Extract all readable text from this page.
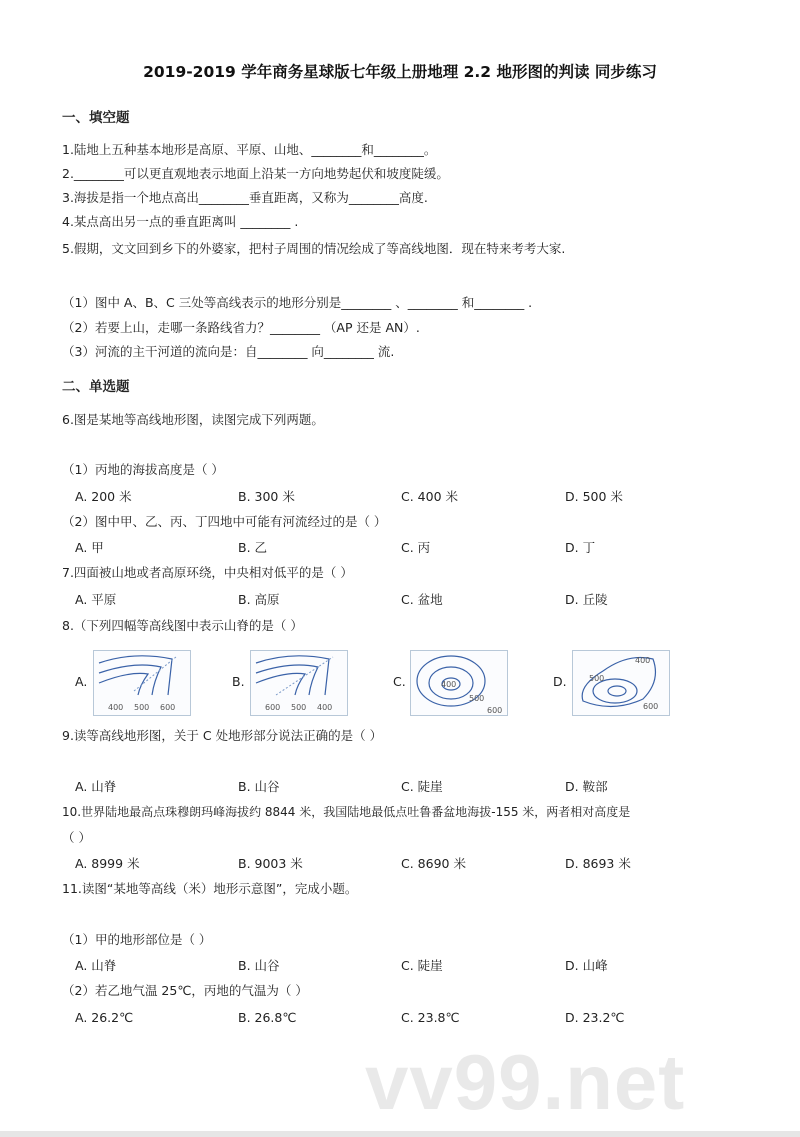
vv99.net
2019-2019 学年商务星球版七年级上册地理 2.2 地形图的判读 同步练习
一、填空题
1.陆地上五种基本地形是高原、平原、山地、________和________。
2.________可以更直观地表示地面上沿某一方向地势起伏和坡度陡缓。
3.海拔是指一个地点高出________垂直距离，又称为________高度.
4.某点高出另一点的垂直距离叫 ________ .
5.假期，文文回到乡下的外婆家，把村子周围的情况绘成了等高线地图．现在特来考考大家.
（1）图中 A、B、C 三处等高线表示的地形分别是________ 、________ 和________ .
（2）若要上山，走哪一条路线省力？________ （AP 还是 AN）.
（3）河流的主干河道的流向是：自________ 向________ 流.
二、单选题
6.图是某地等高线地形图，读图完成下列两题。
（1）丙地的海拔高度是（ ）
A. 200 米	B. 300 米	C. 400 米	D. 500 米
（2）图中甲、乙、丙、丁四地中可能有河流经过的是（ ）
A. 甲	B. 乙	C. 丙	D. 丁
7.四面被山地或者高原环绕，中央相对低平的是（ ）
A. 平原	B. 高原	C. 盆地	D. 丘陵
8.（下列四幅等高线图中表示山脊的是（ ）
A.
400 500 600
B.
600 500 400
C.	400
500
600
D.
400
500
600
9.读等高线地形图，关于 C 处地形部分说法正确的是（ ）
A. 山脊	B. 山谷	C. 陡崖	D. 鞍部
10.世界陆地最高点珠穆朗玛峰海拔约 8844 米，我国陆地最低点吐鲁番盆地海拔-155 米，两者相对高度是
（ ）
A. 8999 米	B. 9003 米	C. 8690 米	D. 8693 米
11.读图“某地等高线（米）地形示意图”，完成小题。
（1）甲的地形部位是（ ）
A. 山脊	B. 山谷	C. 陡崖	D. 山峰
（2）若乙地气温 25℃，丙地的气温为（ ）
A. 26.2℃	B. 26.8℃	C. 23.8℃	D. 23.2℃
